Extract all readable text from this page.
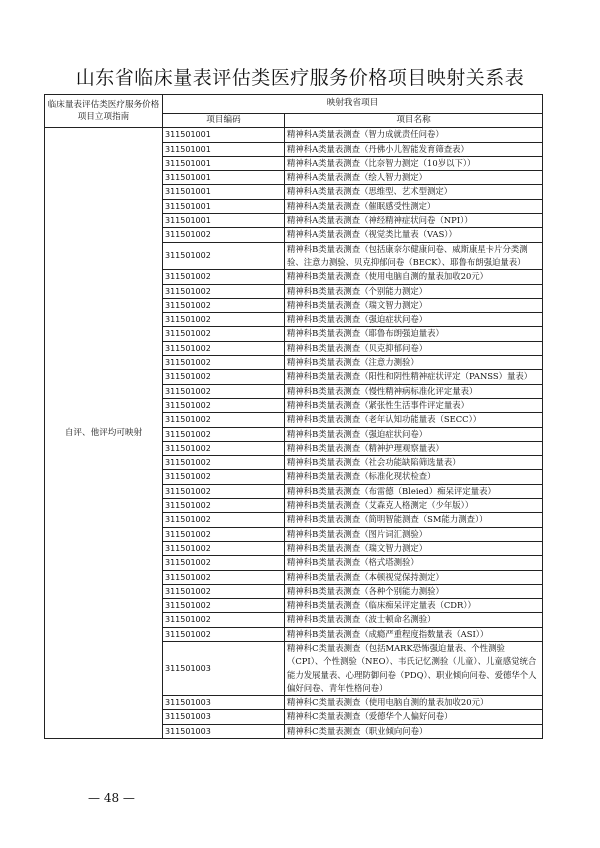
山东省临床量表评估类医疗服务价格项目映射关系表
临床量表评估类医疗服务价格项目立项指南	映射我省项目	
	项目编码	项目名称
自评、他评均可映射	311501001	精神科A类量表测查（智力成就责任问卷）
	311501001	精神科A类量表测查（丹佛小儿智能发育筛查表）
	311501001	精神科A类量表测查（比奈智力测定（10岁以下））
	311501001	精神科A类量表测查（绘人智力测定）
	311501001	精神科A类量表测查（思维型、艺术型测定）
	311501001	精神科A类量表测查（催眠感受性测定）
	311501001	精神科A类量表测查（神经精神症状问卷（NPI））
	311501002	精神科A类量表测查（视觉类比量表（VAS））
	311501002	精神科B类量表测查（包括康奈尔健康问卷、威斯康星卡片分类测验、注意力测验、贝克抑郁问卷（BECK）、耶鲁布朗强迫量表）
	311501002	精神科B类量表测查（使用电脑自测的量表加收20元）
	311501002	精神科B类量表测查（个别能力测定）
	311501002	精神科B类量表测查（瑞文智力测定）
	311501002	精神科B类量表测查（强迫症状问卷）
	311501002	精神科B类量表测查（耶鲁布朗强迫量表）
	311501002	精神科B类量表测查（贝克抑郁问卷）
	311501002	精神科B类量表测查（注意力测验）
	311501002	精神科B类量表测查（阳性和阴性精神症状评定（PANSS）量表）
	311501002	精神科B类量表测查（慢性精神病标准化评定量表）
	311501002	精神科B类量表测查（紧张性生活事件评定量表）
	311501002	精神科B类量表测查（老年认知功能量表（SECC））
	311501002	精神科B类量表测查（强迫症状问卷）
	311501002	精神科B类量表测查（精神护理观察量表）
	311501002	精神科B类量表测查（社会功能缺陷筛选量表）
	311501002	精神科B类量表测查（标准化现状检查）
	311501002	精神科B类量表测查（布雷德（Bleied）痴呆评定量表）
	311501002	精神科B类量表测查（艾森克人格测定（少年版））
	311501002	精神科B类量表测查（简明智能测查（SM能力测查））
	311501002	精神科B类量表测查（图片词汇测验）
	311501002	精神科B类量表测查（瑞文智力测定）
	311501002	精神科B类量表测查（格式塔测验）
	311501002	精神科B类量表测查（本顿视觉保持测定）
	311501002	精神科B类量表测查（各种个别能力测验）
	311501002	精神科B类量表测查（临床痴呆评定量表（CDR））
	311501002	精神科B类量表测查（波士顿命名测验）
	311501002	精神科B类量表测查（成瘾严重程度指数量表（ASI））
	311501003	精神科C类量表测查（包括MARK恐怖强迫量表、个性测验（CPI）、个性测验（NEO）、韦氏记忆测验（儿童）、儿童感觉统合能力发展量表、心理防御问卷（PDQ）、职业倾向问卷、爱德华个人偏好问卷、青年性格问卷）
	311501003	精神科C类量表测查（使用电脑自测的量表加收20元）
	311501003	精神科C类量表测查（爱德华个人偏好问卷）
	311501003	精神科C类量表测查（职业倾向问卷）
— 48 —
